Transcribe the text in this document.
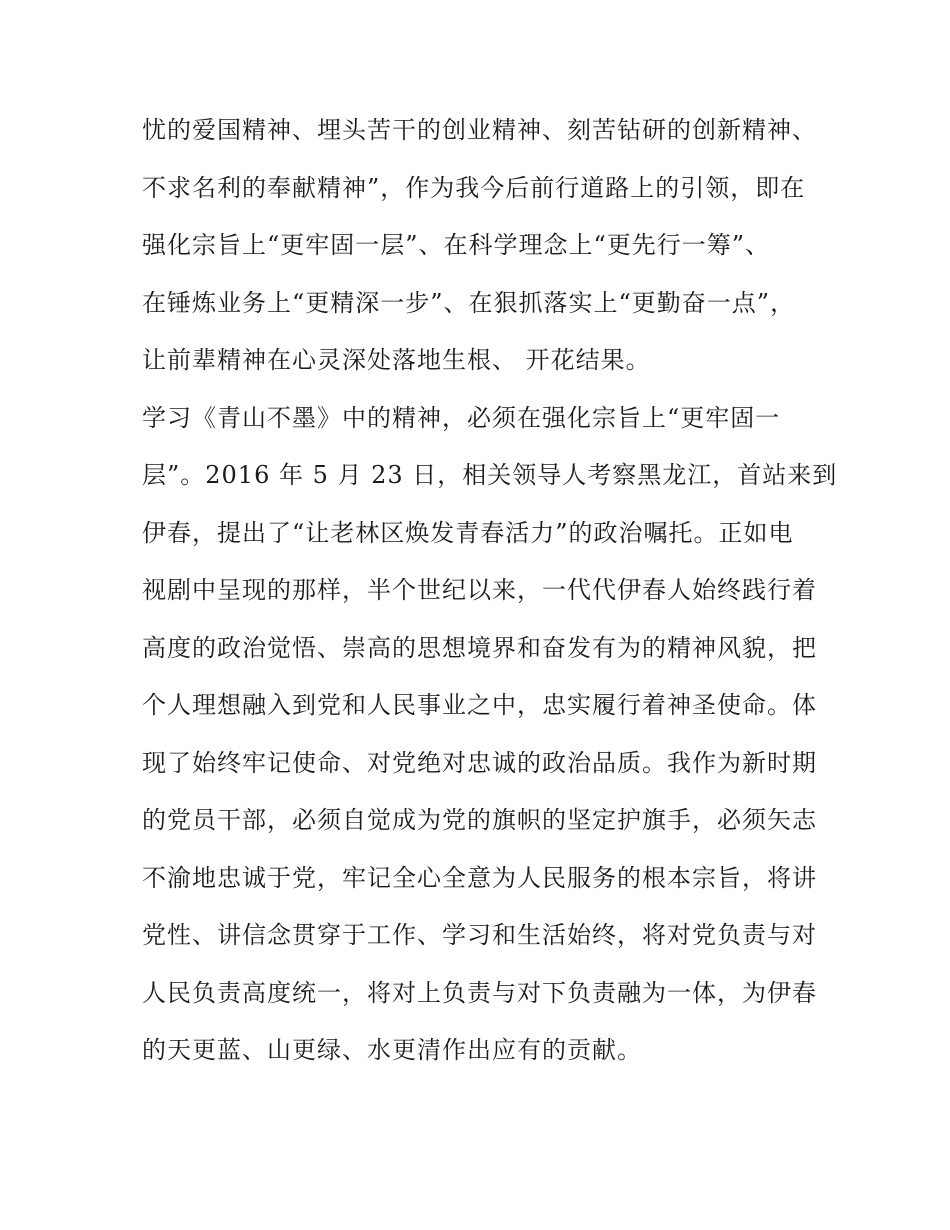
忧的爱国精神、埋头苦干的创业精神、刻苦钻研的创新精神、
不求名利的奉献精神”，作为我今后前行道路上的引领，即在
强化宗旨上“更牢固一层”、在科学理念上“更先行一筹”、
在锤炼业务上“更精深一步”、在狠抓落实上“更勤奋一点”，
让前辈精神在心灵深处落地生根、 开花结果。
学习《青山不墨》中的精神，必须在强化宗旨上“更牢固一
层”。2016 年 5 月 23 日，相关领导人考察黑龙江，首站来到
伊春，提出了“让老林区焕发青春活力”的政治嘱托。正如电
视剧中呈现的那样，半个世纪以来，一代代伊春人始终践行着
高度的政治觉悟、崇高的思想境界和奋发有为的精神风貌，把
个人理想融入到党和人民事业之中，忠实履行着神圣使命。体
现了始终牢记使命、对党绝对忠诚的政治品质。我作为新时期
的党员干部，必须自觉成为党的旗帜的坚定护旗手，必须矢志
不渝地忠诚于党，牢记全心全意为人民服务的根本宗旨，将讲
党性、讲信念贯穿于工作、学习和生活始终，将对党负责与对
人民负责高度统一，将对上负责与对下负责融为一体，为伊春
的天更蓝、山更绿、水更清作出应有的贡献。
